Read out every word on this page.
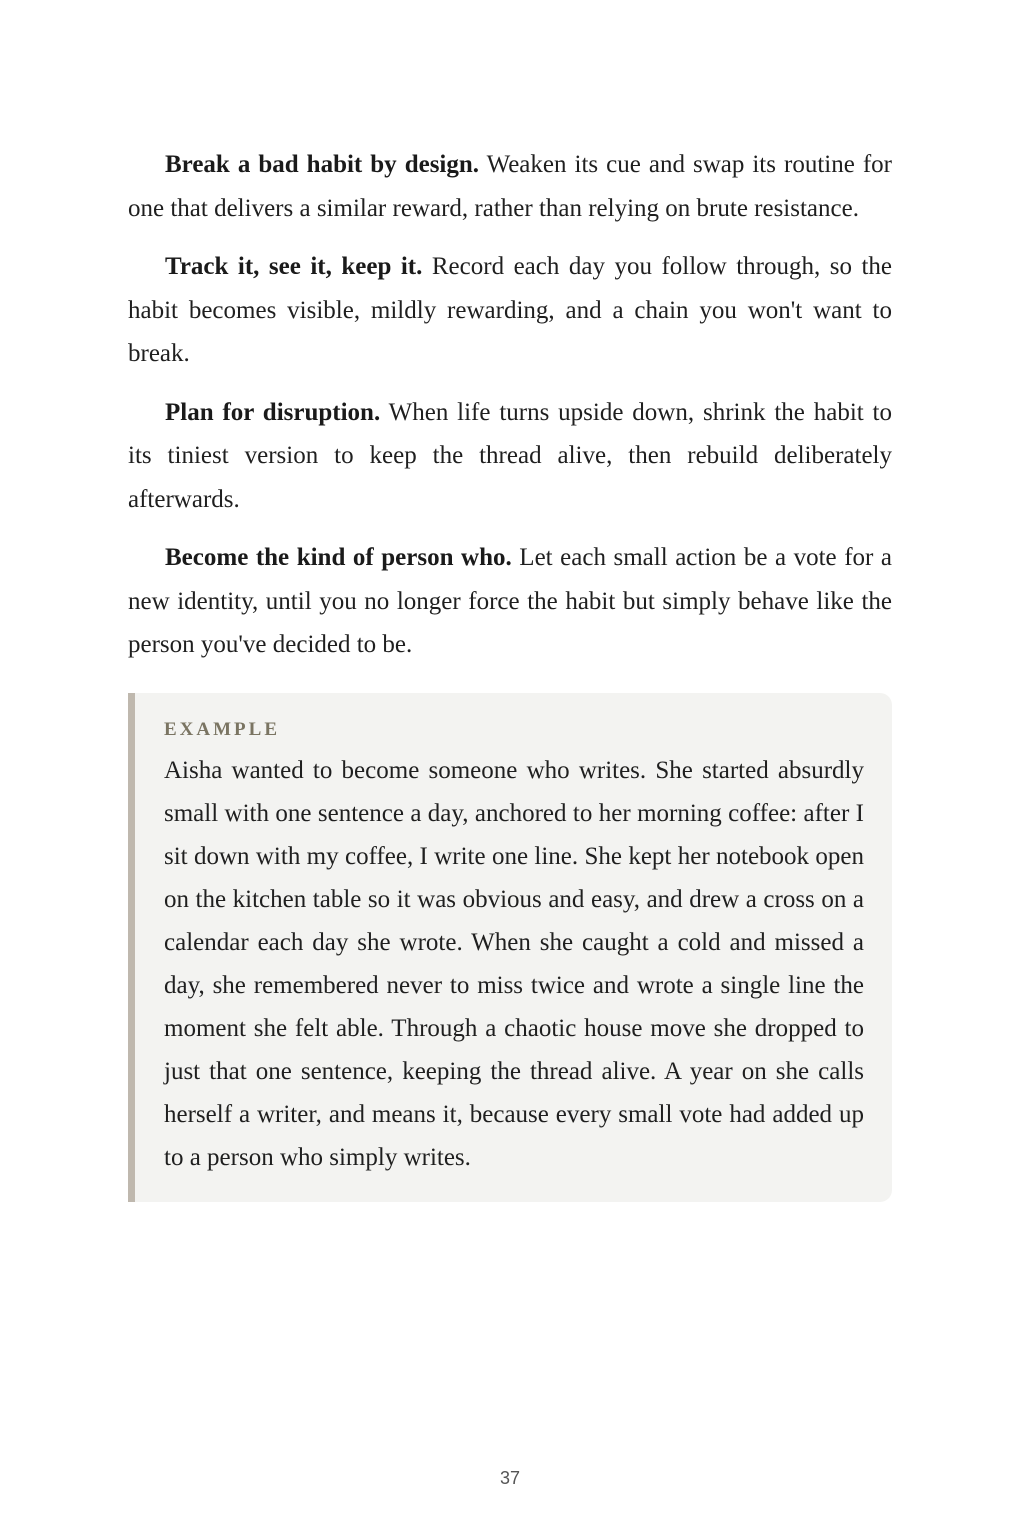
Break a bad habit by design. Weaken its cue and swap its routine for one that delivers a similar reward, rather than relying on brute resistance.

Track it, see it, keep it. Record each day you follow through, so the habit becomes visible, mildly rewarding, and a chain you won't want to break.

Plan for disruption. When life turns upside down, shrink the habit to its tiniest version to keep the thread alive, then rebuild deliberately afterwards.

Become the kind of person who. Let each small action be a vote for a new identity, until you no longer force the habit but simply behave like the person you've decided to be.

EXAMPLE

Aisha wanted to become someone who writes. She started absurdly small with one sentence a day, anchored to her morning coffee: after I sit down with my coffee, I write one line. She kept her notebook open on the kitchen table so it was obvious and easy, and drew a cross on a calendar each day she wrote. When she caught a cold and missed a day, she remembered never to miss twice and wrote a single line the moment she felt able. Through a chaotic house move she dropped to just that one sentence, keeping the thread alive. A year on she calls herself a writer, and means it, because every small vote had added up to a person who simply writes.

37
